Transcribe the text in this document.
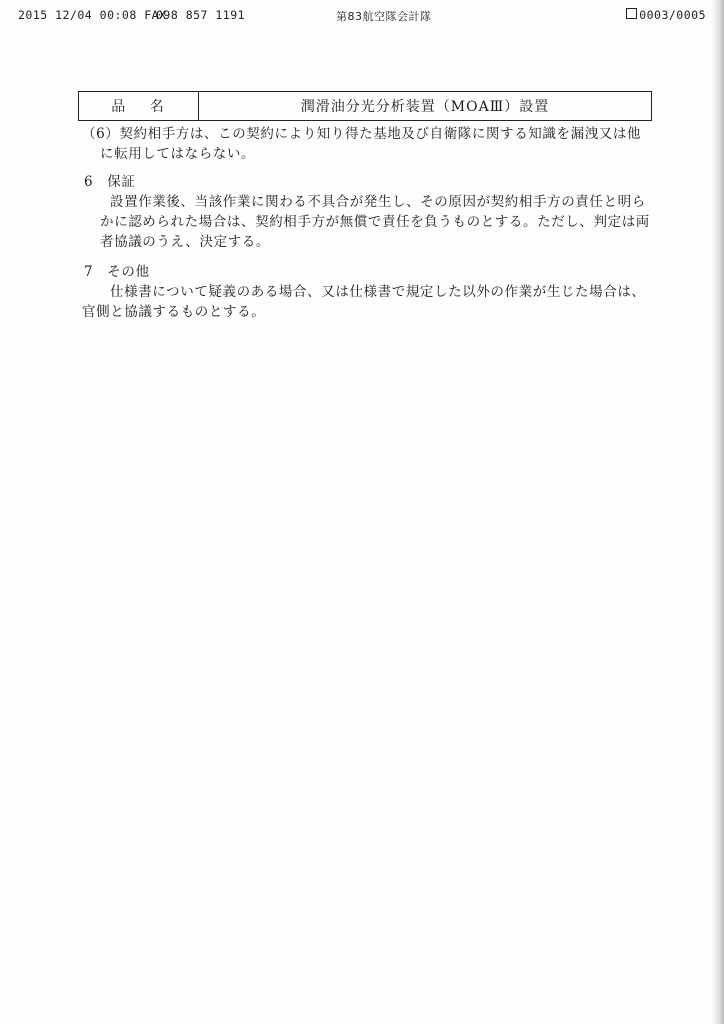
2015 12/04 00:08 FAX
098 857 1191	第83航空隊会計隊	0003/0005
品 名	潤滑油分光分析装置（MOAⅢ）設置
（6）契約相手方は、この契約により知り得た基地及び自衛隊に関する知識を漏洩又は他
に転用してはならない。
6　保証
設置作業後、当該作業に関わる不具合が発生し、その原因が契約相手方の責任と明ら
かに認められた場合は、契約相手方が無償で責任を負うものとする。ただし、判定は両
者協議のうえ、決定する。
7　その他
仕様書について疑義のある場合、又は仕様書で規定した以外の作業が生じた場合は、
官側と協議するものとする。
